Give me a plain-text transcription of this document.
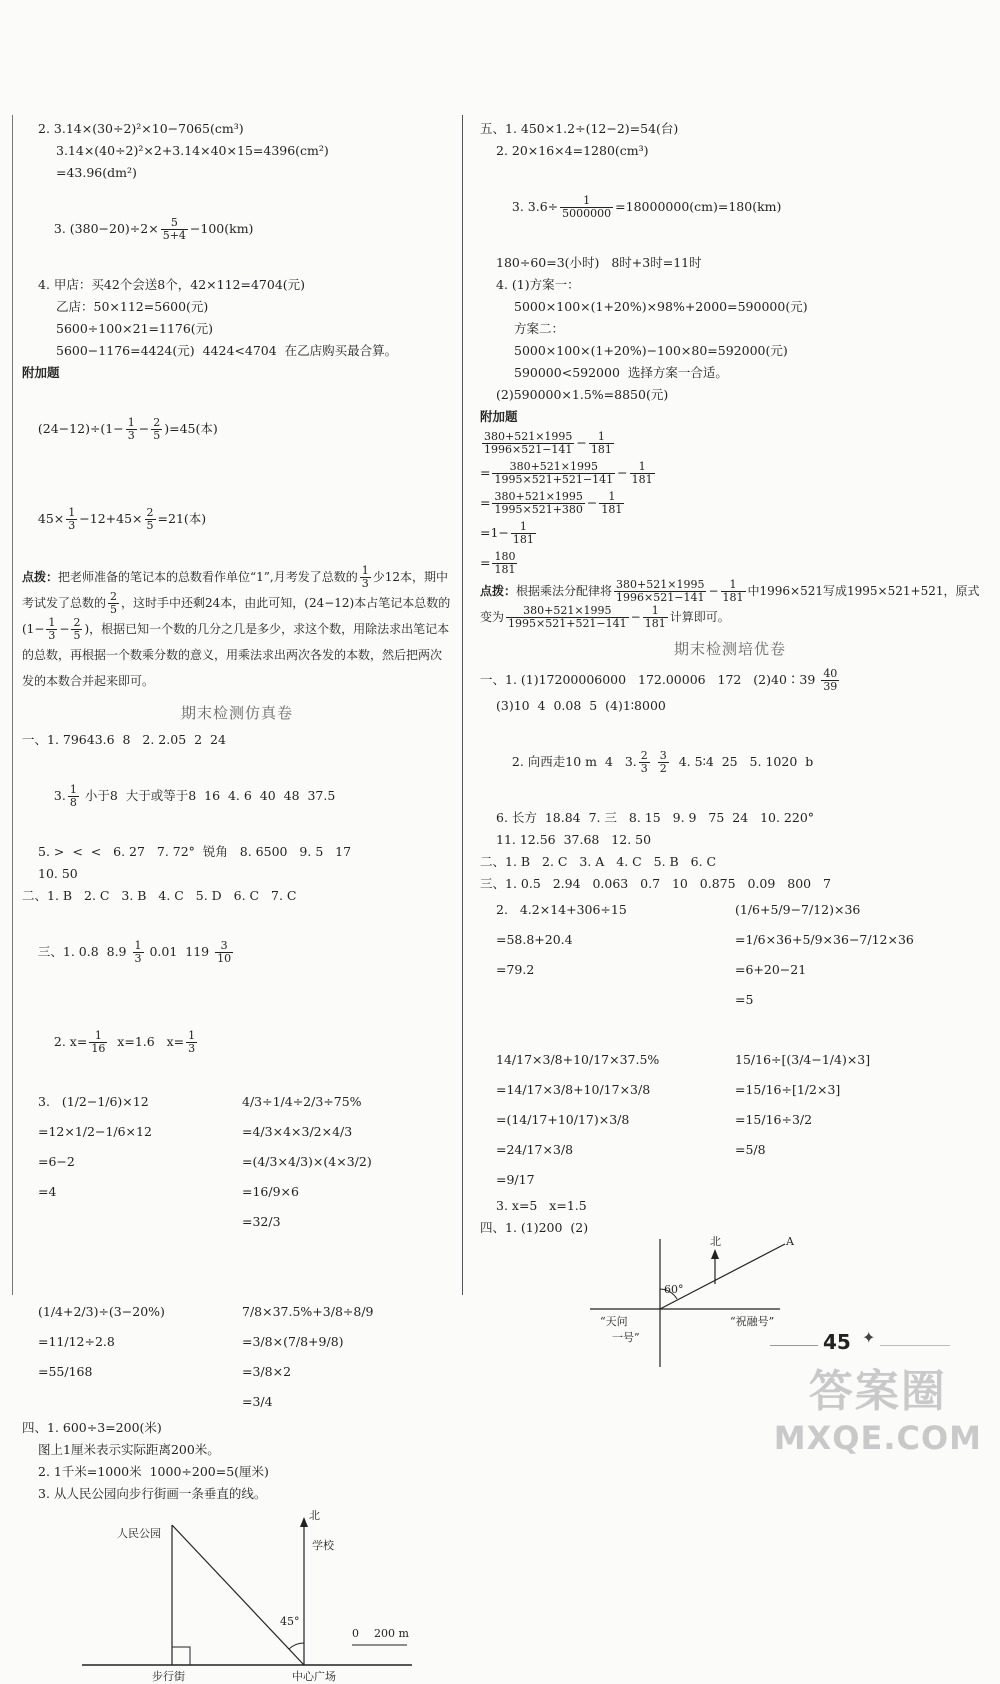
2. 3.14×(30÷2)²×10−7065(cm³)
3.14×(40÷2)²×2+3.14×40×15=4396(cm²)
=43.96(dm²)

3. $(380-20)\div 2\times \frac{5}{5+4} -100(km)$

4. 甲店：买42个会送8个，42×112=4704(元)
乙店：50×112=5600(元)
5600÷100×21=1176(元)
5600−1176=4424(元)  4424<4704  在乙店购买最合算。
附加题

$(24-12)\div(1- \frac{1}{3} - \frac{2}{5} )=45$(本)

$45\times \frac{1}{3} -12+45\times \frac{2}{5} =21$(本)

点拨：把老师准备的笔记本的总数看作单位“1”,月考发了总数的 $\frac{1}{3}$ 少12本，期中考试发了总数的 $\frac{2}{5}$ ，这时手中还剩24本，由此可知，(24−12)本占笔记本总数的($1- \frac{1}{3} - \frac{2}{5}$ )，根据已知一个数的几分之几是多少，求这个数，用除法求出笔记本的总数，再根据一个数乘分数的意义，用乘法求出两次各发的本数，然后把两次发的本数合并起来即可。
期末检测仿真卷
一、1. 79643.6  8   2. 2.05  2  24

3. $\frac{1}{8}$ 小于8  大于或等于8  16  4. 6  40  48  37.5

5. >  <  <   6. 27   7. 72°  锐角   8. 6500   9. 5   17
10. 50
二、1. B   2. C   3. B   4. C   5. D   6. C   7. C

三、1. 0.8  $8.9 \frac{1}{3} 0.01$  $119 \frac{3}{10}$

2. $x= \frac{1}{16} x=1.6$   $x= \frac{1}{3}$

3.   (1/2−1/6)×12
=12×1/2−1/6×12
=6−2
=4
(1/4+2/3)÷(3−20%)
=11/12÷2.8
=55/168
4/3÷1/4÷2/3÷75%
=4/3×4×3/2×4/3
=(4/3×4/3)×(4×3/2)
=16/9×6
=32/3
7/8×37.5%+3/8÷8/9
=3/8×(7/8+9/8)
=3/8×2
=3/4
四、1. 600÷3=200(米)
图上1厘米表示实际距离200米。
2. 1千米=1000米  1000÷200=5(厘米)
3. 从人民公园向步行街画一条垂直的线。
人民公园
北
学校
45°
0 200 m
步行街	中心广场
五、1. 450×1.2÷(12−2)=54(台)
2. 20×16×4=1280(cm³)

3. $3.6\div \frac{1}{5000000} =18000000(cm)=180(km)$

180÷60=3(小时)   8时+3时=11时
4. (1)方案一：
5000×100×(1+20%)×98%+2000=590000(元)
方案二：
5000×100×(1+20%)−100×80=592000(元)
590000<592000  选择方案一合适。
(2)590000×1.5%=8850(元)
附加题
$\frac{380+521\times 1995}{1996\times 521-141} - \frac{1}{181}$
= $\frac{380+521\times 1995}{1995\times 521+521-141} - \frac{1}{181}$
= $\frac{380+521\times 1995}{1995\times 521+380} - \frac{1}{181}$
$=1- \frac{1}{181}$
= $\frac{180}{181}$
点拨：根据乘法分配律将 $\frac{380+521\times 1995}{1996\times 521-141} - \frac{1}{181}$ 中1996×521写成1995×521+521，原式变为 $\frac{380+521\times 1995}{1995\times 521+521-141} - \frac{1}{181}$ 计算即可。
期末检测培优卷
一、1. (1)17200006000   172.00006   172   (2)40∶39 $\frac{40}{39}$
(3)10  4  0.08  5  (4)1∶8000

2. 向西走10 m  4   3. $\frac{2}{3}$
$\frac{3}{2} 4$. 5∶4  25   5. 1020  b

6. 长方  18.84  7. 三   8. 15   9. 9   75  24   10. 220°
11. 12.56  37.68   12. 50
二、1. B   2. C   3. A   4. C   5. B   6. C
三、1. 0.5   2.94   0.063   0.7   10   0.875   0.09   800   7
2.   4.2×14+306÷15
=58.8+20.4
=79.2
14/17×3/8+10/17×37.5%
=14/17×3/8+10/17×3/8
=(14/17+10/17)×3/8
=24/17×3/8
=9/17
(1/6+5/9−7/12)×36
=1/6×36+5/9×36−7/12×36
=6+20−21
=5
15/16÷[(3/4−1/4)×3]
=15/16÷[1/2×3]
=15/16÷3/2
=5/8
3. x=5   x=1.5
四、1. (1)200  (2)
北	A
60°
“天问
一号”
“祝融号”
45 ✦
答案圈
MXQE.COM
